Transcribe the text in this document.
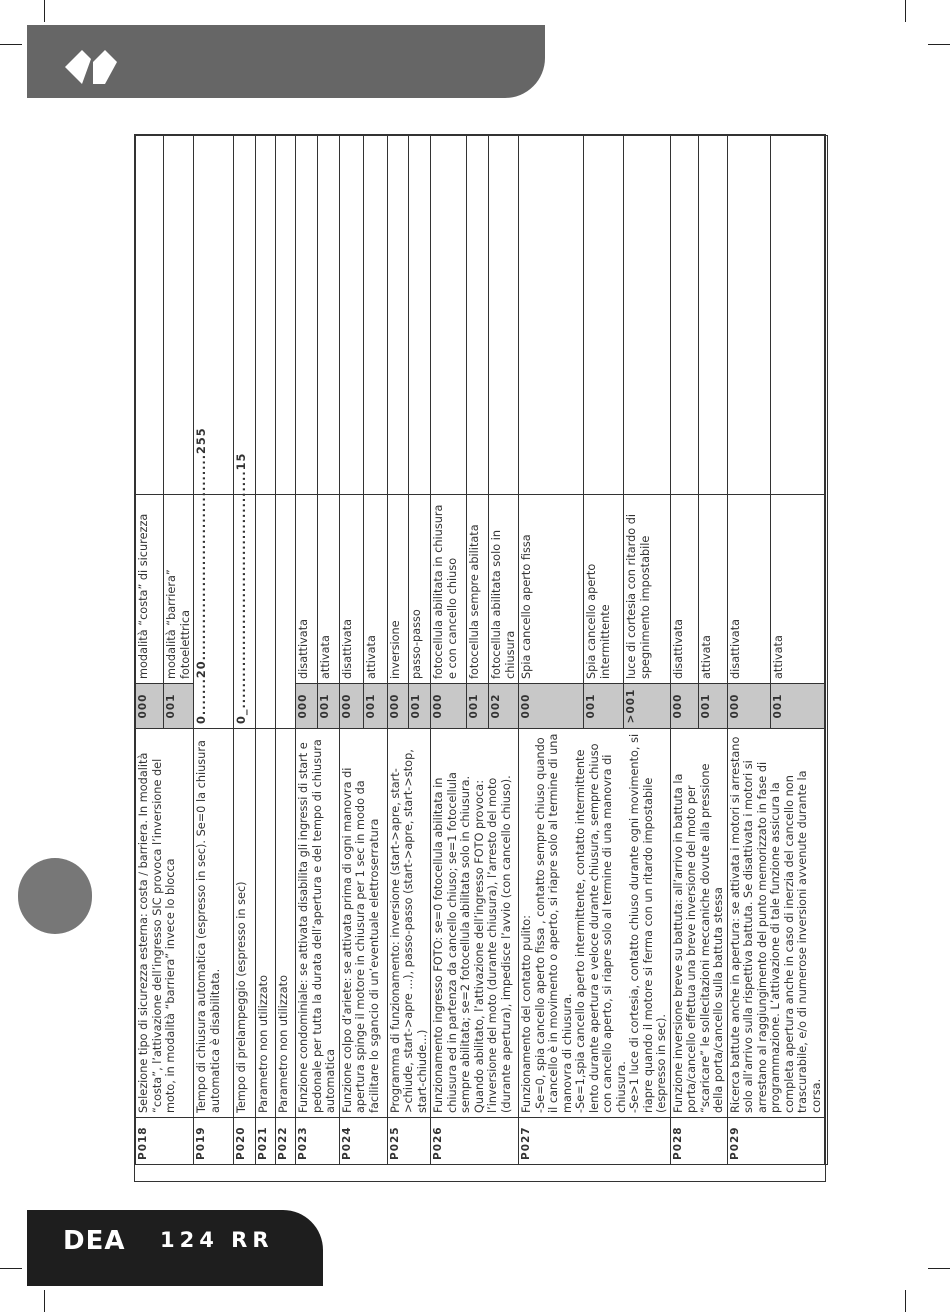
DEA 124 RR
P018	Selezione tipo di sicurezza esterna: costa / barriera. In modalità “costa”, l’attivazione dell’ingresso SIC provoca l’inversione del moto, in modalità “barriera” invece lo blocca	000	modalità “costa” di sicurezza	
		001	modalità “barriera” fotoelettrica	
P019	Tempo di chiusura automatica (espresso in sec). Se=0 la chiusura automatica è disabilitata.	0.......20.......................................255		
P020	Tempo di prelampeggio (espresso in sec)	0_.............................................15		
P021	Parametro non utilizzato			
P022	Parametro non utilizzato			
P023	Funzione condominiale: se attivata disabilita gli ingressi di start e pedonale per tutta la durata dell’apertura e del tempo di chiusura automatica	000	disattivata	
		001	attivata	
P024	Funzione colpo d’ariete: se attivata prima di ogni manovra di apertura spinge il motore in chiusura per 1 sec in modo da facilitare lo sgancio di un’eventuale elettroserratura	000	disattivata	
		001	attivata	
P025	Programma di funzionamento: inversione (start->apre, start->chiude, start->apre ...), passo-passo (start->apre, start->stop, start-chiude...)	000	inversione	
		001	passo-passo	
P026	Funzionamento ingresso FOTO: se=0 fotocellula abilitata in chiusura ed in partenza da cancello chiuso; se=1 fotocellula sempre abilitata; se=2 fotocellula abilitata solo in chiusura. Quando abilitato, l’attivazione dell’ingresso FOTO provoca: l’inversione del moto (durante chiusura), l’arresto del moto (durante apertura), impedisce l’avvio (con cancello chiuso).	000	fotocellula abilitata in chiusura e con cancello chiuso	
		001	fotocellula sempre abilitata	
		002	fotocellula abilitata solo in chiusura	
P027	Funzionamento del contatto pulito: -Se=0, spia cancello aperto fissa , contatto sempre chiuso quando il cancello è in movimento o aperto, si riapre solo al termine di una manovra di chiusura. -Se=1,spia cancello aperto intermittente, contatto intermittente lento durante apertura e veloce durante chiusura, sempre chiuso con cancello aperto, si riapre solo al termine di una manovra di chiusura. -Se>1 luce di cortesia, contatto chiuso durante ogni movimento, si riapre quando il motore si ferma con un ritardo impostabile (espresso in sec).	000	Spia cancello aperto fissa	
		001	Spia cancello aperto intermittente	
		>001	luce di cortesia con ritardo di spegnimento impostabile	
P028	Funzione inversione breve su battuta: all’arrivo in battuta la porta/cancello effettua una breve inversione del moto per “scaricare” le sollecitazioni meccaniche dovute alla pressione della porta/cancello sulla battuta stessa	000	disattivata	
		001	attivata	
P029	Ricerca battute anche in apertura: se attivata i motori si arrestano solo all’arrivo sulla rispettiva battuta. Se disattivata i motori si arrestano al raggiungimento del punto memorizzato in fase di programmazione. L’attivazione di tale funzione assicura la completa apertura anche in caso di inerzia del cancello non trascurabile, e/o di numerose inversioni avvenute durante la corsa.	000	disattivata	
		001	attivata	
